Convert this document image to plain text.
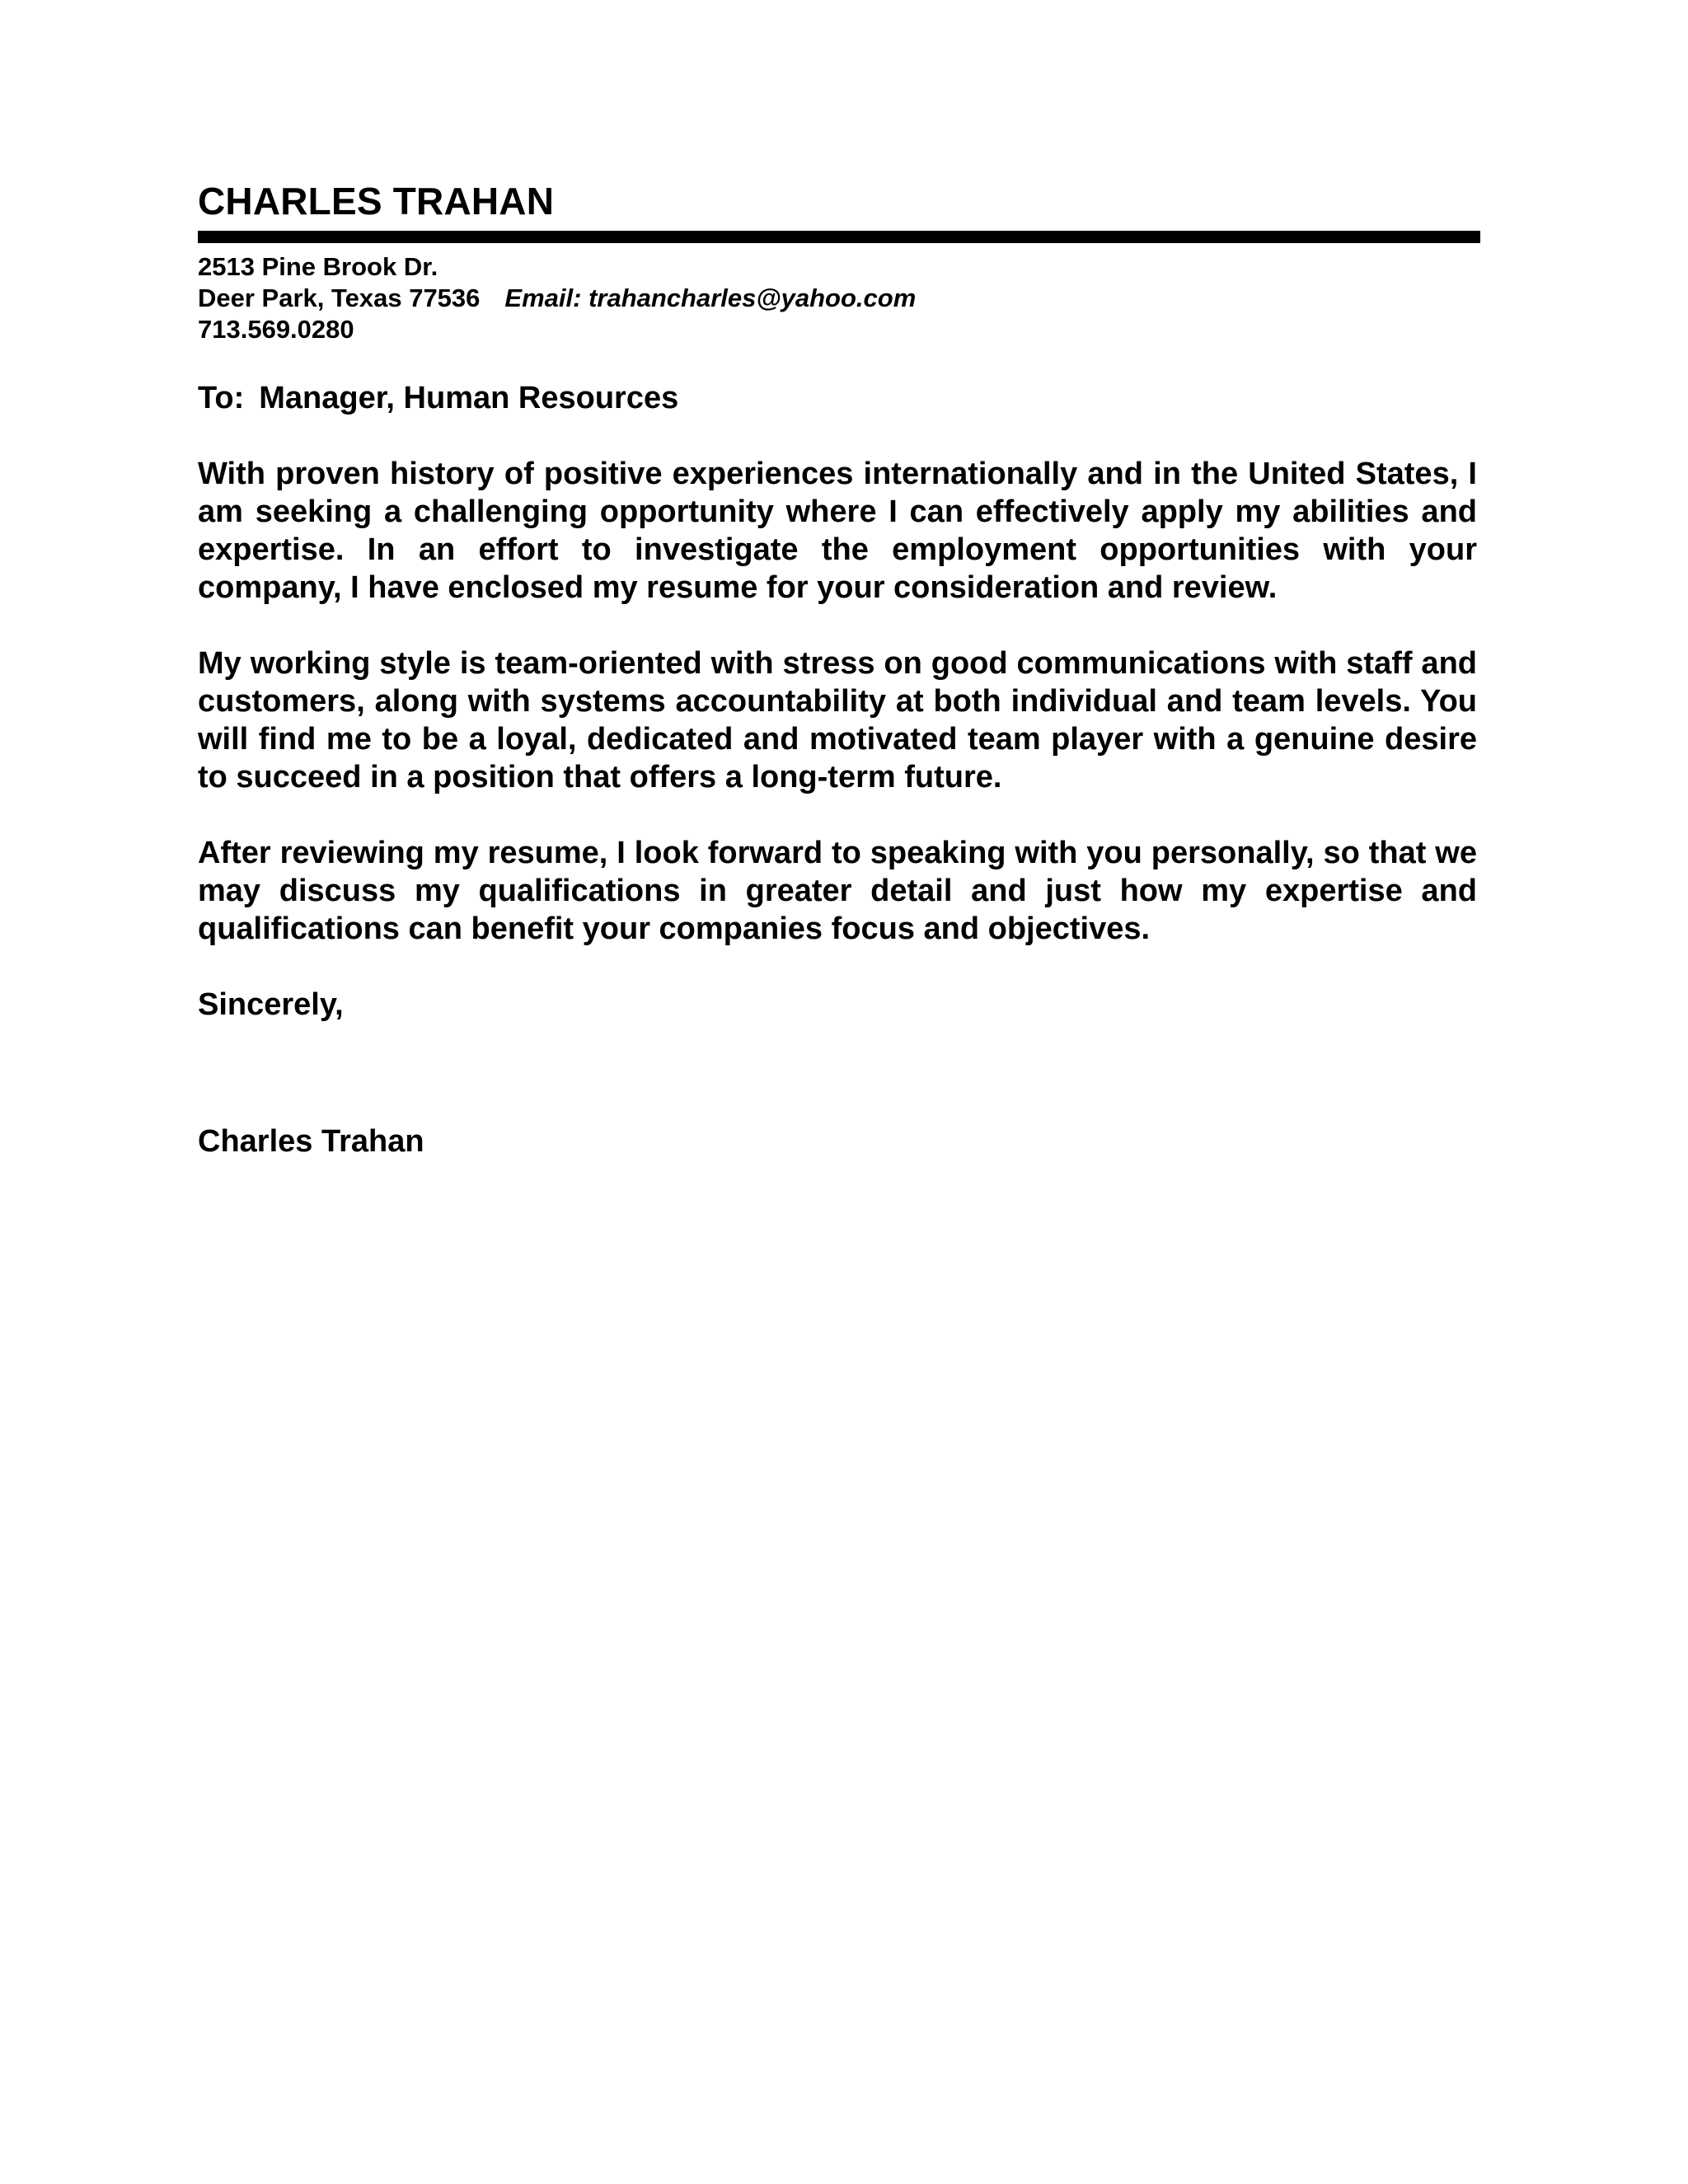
CHARLES TRAHAN
2513 Pine Brook Dr.
Deer Park, Texas 77536 Email: trahancharles@yahoo.com
713.569.0280
To: Manager, Human Resources

With proven history of positive experiences internationally and in the United States, I am seeking a challenging opportunity where I can effectively apply my abilities and expertise. In an effort to investigate the employment opportunities with your company, I have enclosed my resume for your consideration and review.

My working style is team-oriented with stress on good communications with staff and customers, along with systems accountability at both individual and team levels. You will find me to be a loyal, dedicated and motivated team player with a genuine desire to succeed in a position that offers a long-term future.

After reviewing my resume, I look forward to speaking with you personally, so that we may discuss my qualifications in greater detail and just how my expertise and qualifications can benefit your companies focus and objectives.

Sincerely,
Charles Trahan
